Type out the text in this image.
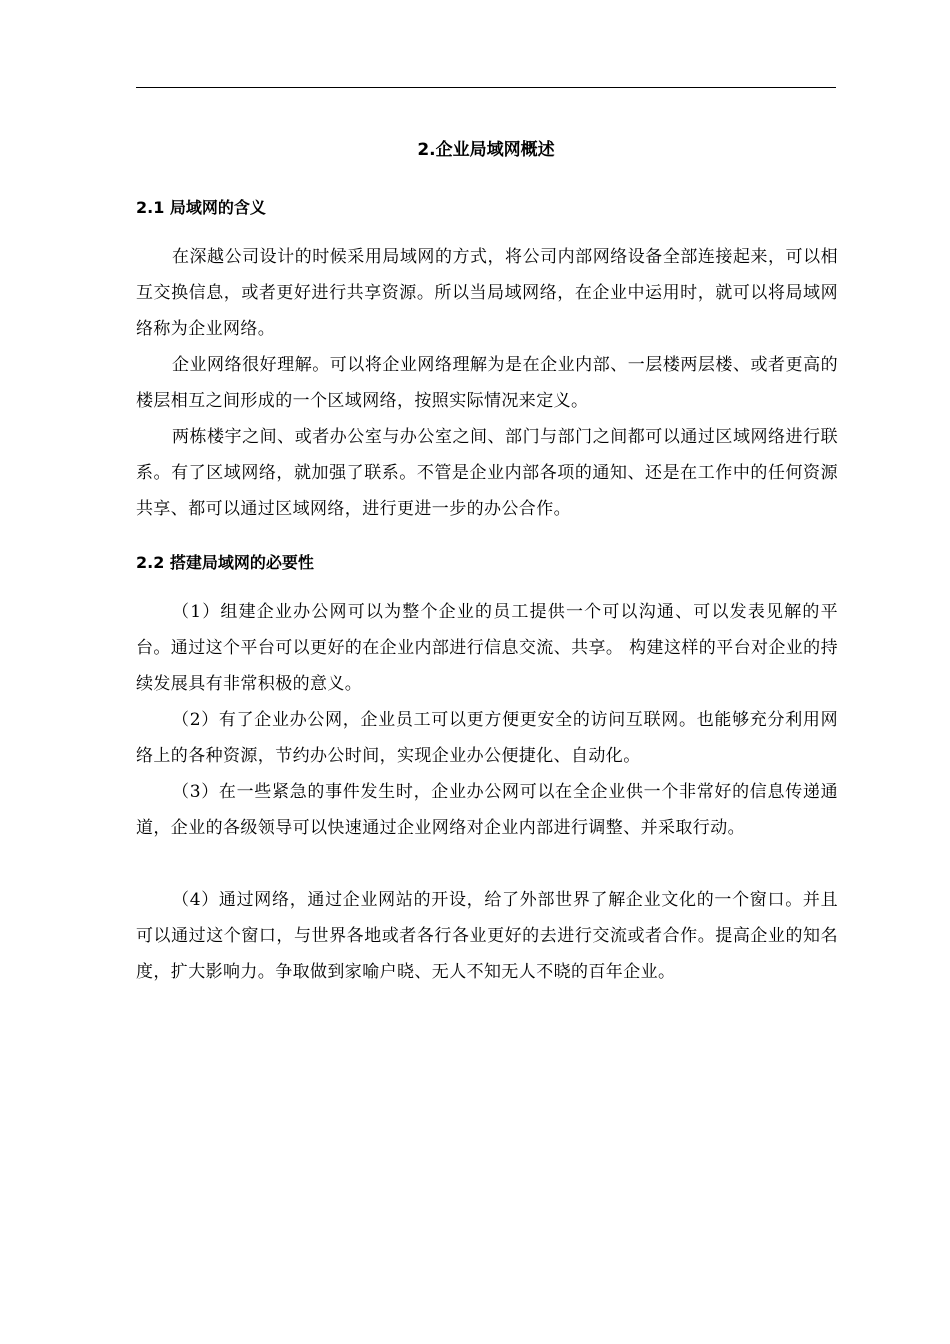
2.企业局域网概述
2.1 局域网的含义
在深越公司设计的时候采用局域网的方式，将公司内部网络设备全部连接起来，可以相互交换信息，或者更好进行共享资源。所以当局域网络，在企业中运用时，就可以将局域网络称为企业网络。
企业网络很好理解。可以将企业网络理解为是在企业内部、一层楼两层楼、或者更高的楼层相互之间形成的一个区域网络，按照实际情况来定义。
两栋楼宇之间、或者办公室与办公室之间、部门与部门之间都可以通过区域网络进行联系。有了区域网络，就加强了联系。不管是企业内部各项的通知、还是在工作中的任何资源共享、都可以通过区域网络，进行更进一步的办公合作。
2.2 搭建局域网的必要性
（1）组建企业办公网可以为整个企业的员工提供一个可以沟通、可以发表见解的平台。通过这个平台可以更好的在企业内部进行信息交流、共享。 构建这样的平台对企业的持续发展具有非常积极的意义。
（2）有了企业办公网，企业员工可以更方便更安全的访问互联网。也能够充分利用网络上的各种资源，节约办公时间，实现企业办公便捷化、自动化。
（3）在一些紧急的事件发生时，企业办公网可以在全企业供一个非常好的信息传递通道，企业的各级领导可以快速通过企业网络对企业内部进行调整、并采取行动。
（4）通过网络，通过企业网站的开设，给了外部世界了解企业文化的一个窗口。并且可以通过这个窗口，与世界各地或者各行各业更好的去进行交流或者合作。提高企业的知名度，扩大影响力。争取做到家喻户晓、无人不知无人不晓的百年企业。
